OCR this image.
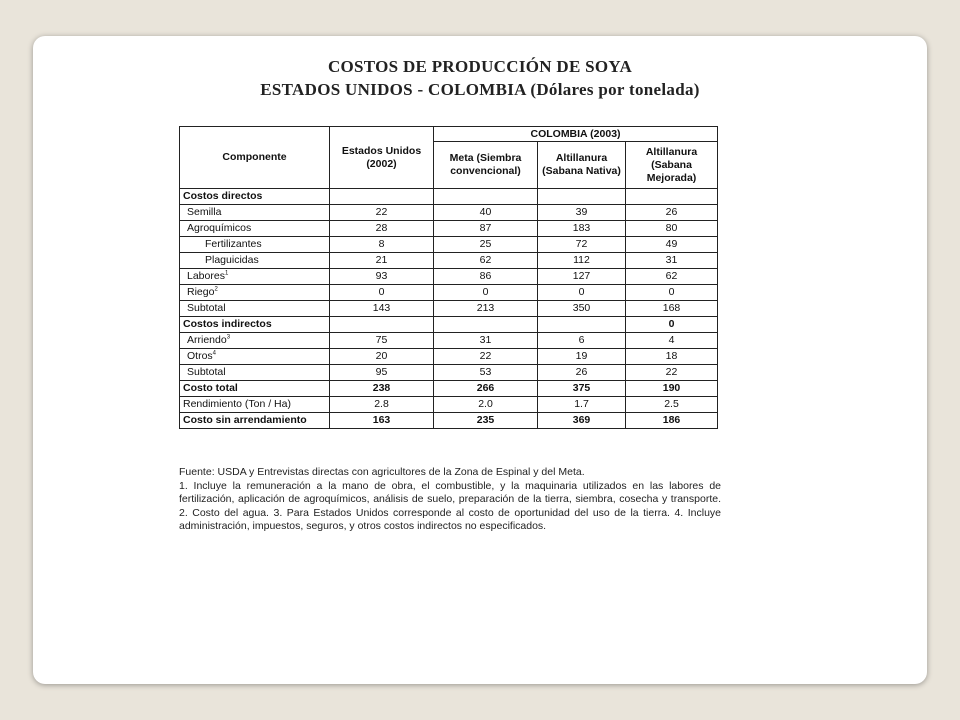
COSTOS DE PRODUCCIÓN DE SOYA
ESTADOS UNIDOS - COLOMBIA (Dólares por tonelada)
Componente	Estados Unidos (2002)	COLOMBIA (2003)		
		Meta (Siembra convencional)	Altillanura (Sabana Nativa)	Altillanura (Sabana Mejorada)
Costos directos				
Semilla	22	40	39	26
Agroquímicos	28	87	183	80
Fertilizantes	8	25	72	49
Plaguicidas	21	62	112	31
Labores$^1$	93	86	127	62
Riego$^2$	0	0	0	0
Subtotal	143	213	350	168
Costos indirectos				0
Arriendo$^3$	75	31	6	4
Otros$^4$	20	22	19	18
Subtotal	95	53	26	22
Costo total	238	266	375	190
Rendimiento (Ton / Ha)	2.8	2.0	1.7	2.5
Costo sin arrendamiento	163	235	369	186

Fuente: USDA y Entrevistas directas con agricultores de la Zona de Espinal y del Meta.

1. Incluye la remuneración a la mano de obra, el combustible, y la maquinaria utilizados en las labores de fertilización, aplicación de agroquímicos, análisis de suelo, preparación de la tierra, siembra, cosecha y transporte. 2. Costo del agua. 3. Para Estados Unidos corresponde al costo de oportunidad del uso de la tierra. 4. Incluye administración, impuestos, seguros, y otros costos indirectos no especificados.
